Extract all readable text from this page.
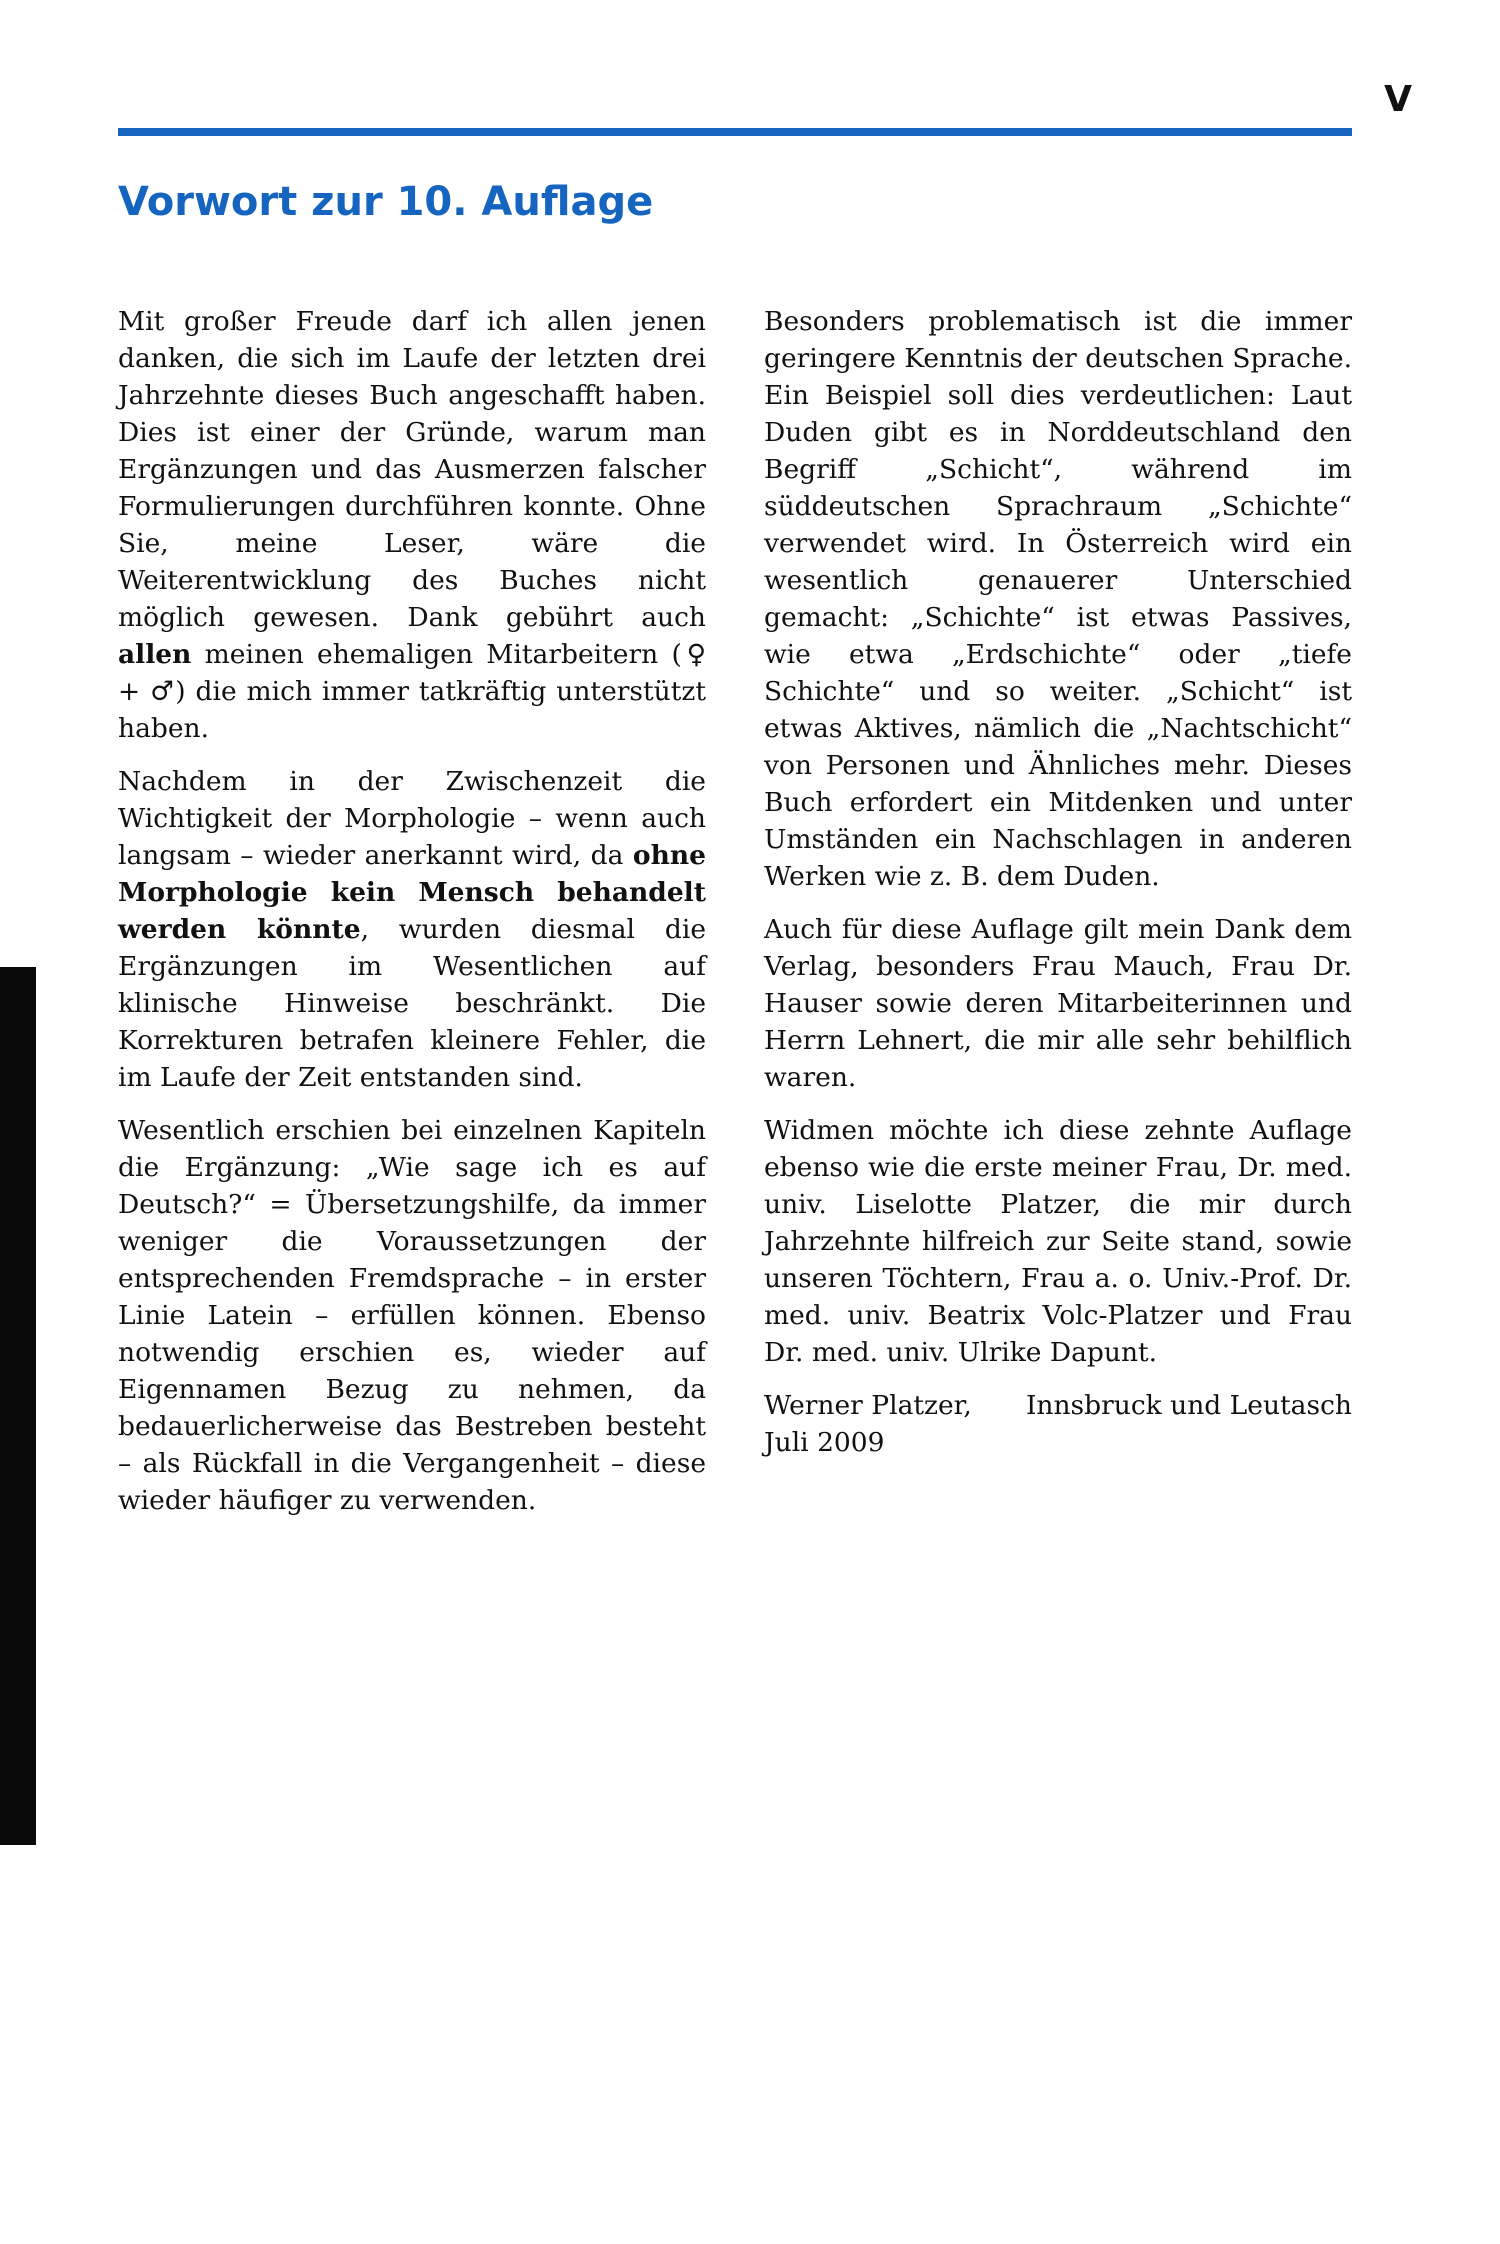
V
Vorwort zur 10. Auflage

Mit großer Freude darf ich allen jenen danken, die sich im Laufe der letzten drei Jahrzehnte dieses Buch angeschafft haben. Dies ist einer der Gründe, warum man Ergänzungen und das Ausmerzen falscher Formulierungen durchführen konnte. Ohne Sie, meine Leser, wäre die Weiterentwicklung des Buches nicht möglich gewesen. Dank gebührt auch allen meinen ehemaligen Mitarbeitern (♀ + ♂) die mich immer tatkräftig unterstützt haben.

Nachdem in der Zwischenzeit die Wichtigkeit der Morphologie – wenn auch langsam – wieder anerkannt wird, da ohne Morphologie kein Mensch behandelt werden könnte, wurden diesmal die Ergänzungen im Wesentlichen auf klinische Hinweise beschränkt. Die Korrekturen betrafen kleinere Fehler, die im Laufe der Zeit entstanden sind.

Wesentlich erschien bei einzelnen Kapiteln die Ergänzung: „Wie sage ich es auf Deutsch?“ = Übersetzungshilfe, da immer weniger die Voraussetzungen der entsprechenden Fremdsprache – in erster Linie Latein – erfüllen können. Ebenso notwendig erschien es, wieder auf Eigennamen Bezug zu nehmen, da bedauerlicherweise das Bestreben besteht – als Rückfall in die Vergangenheit – diese wieder häufiger zu verwenden.

Besonders problematisch ist die immer geringere Kenntnis der deutschen Sprache. Ein Beispiel soll dies verdeutlichen: Laut Duden gibt es in Norddeutschland den Begriff „Schicht“, während im süddeutschen Sprachraum „Schichte“ verwendet wird. In Österreich wird ein wesentlich genauerer Unterschied gemacht: „Schichte“ ist etwas Passives, wie etwa „Erdschichte“ oder „tiefe Schichte“ und so weiter. „Schicht“ ist etwas Aktives, nämlich die „Nachtschicht“ von Personen und Ähnliches mehr. Dieses Buch erfordert ein Mitdenken und unter Umständen ein Nachschlagen in anderen Werken wie z. B. dem Duden.

Auch für diese Auflage gilt mein Dank dem Verlag, besonders Frau Mauch, Frau Dr. Hauser sowie deren Mitarbeiterinnen und Herrn Lehnert, die mir alle sehr behilflich waren.

Widmen möchte ich diese zehnte Auflage ebenso wie die erste meiner Frau, Dr. med. univ. Liselotte Platzer, die mir durch Jahrzehnte hilfreich zur Seite stand, sowie unseren Töchtern, Frau a. o. Univ.-Prof. Dr. med. univ. Beatrix Volc-Platzer und Frau Dr. med. univ. Ulrike Dapunt.

Werner Platzer, Innsbruck und Leutasch
Juli 2009
